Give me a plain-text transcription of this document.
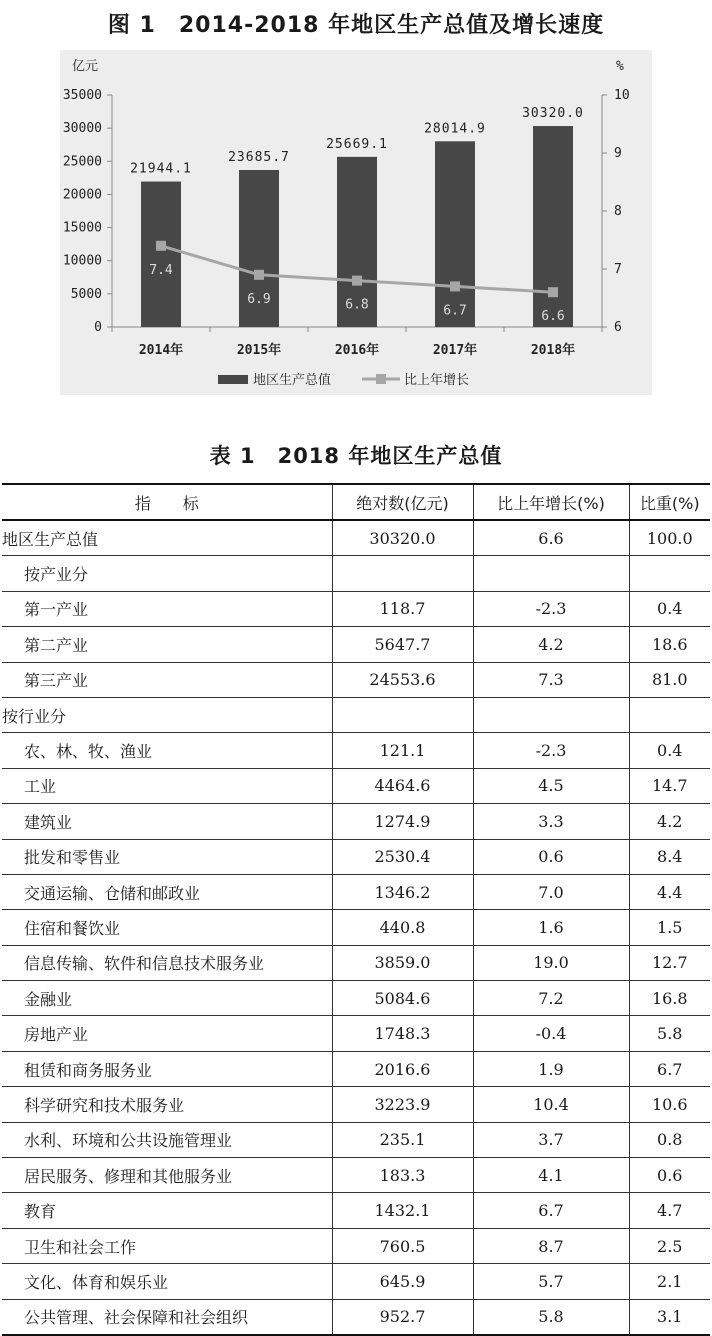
图 1　2014-2018 年地区生产总值及增长速度
0
5000
10000
15000
20000
25000
30000
35000
亿元
6
7
8
9
10
%
2014年	2015年	2016年	2017年	2018年
21944.1
23685.7
25669.1
28014.9
30320.0
7.4
6.9	6.8	6.7	6.6
地区生产总值	比上年增长
表 1　2018 年地区生产总值
指　　标	绝对数(亿元)	比上年增长(%)	比重(%)
地区生产总值	30320.0	6.6	100.0
按产业分			
第一产业	118.7	-2.3	0.4
第二产业	5647.7	4.2	18.6
第三产业	24553.6	7.3	81.0
按行业分			
农、林、牧、渔业	121.1	-2.3	0.4
工业	4464.6	4.5	14.7
建筑业	1274.9	3.3	4.2
批发和零售业	2530.4	0.6	8.4
交通运输、仓储和邮政业	1346.2	7.0	4.4
住宿和餐饮业	440.8	1.6	1.5
信息传输、软件和信息技术服务业	3859.0	19.0	12.7
金融业	5084.6	7.2	16.8
房地产业	1748.3	-0.4	5.8
租赁和商务服务业	2016.6	1.9	6.7
科学研究和技术服务业	3223.9	10.4	10.6
水利、环境和公共设施管理业	235.1	3.7	0.8
居民服务、修理和其他服务业	183.3	4.1	0.6
教育	1432.1	6.7	4.7
卫生和社会工作	760.5	8.7	2.5
文化、体育和娱乐业	645.9	5.7	2.1
公共管理、社会保障和社会组织	952.7	5.8	3.1
